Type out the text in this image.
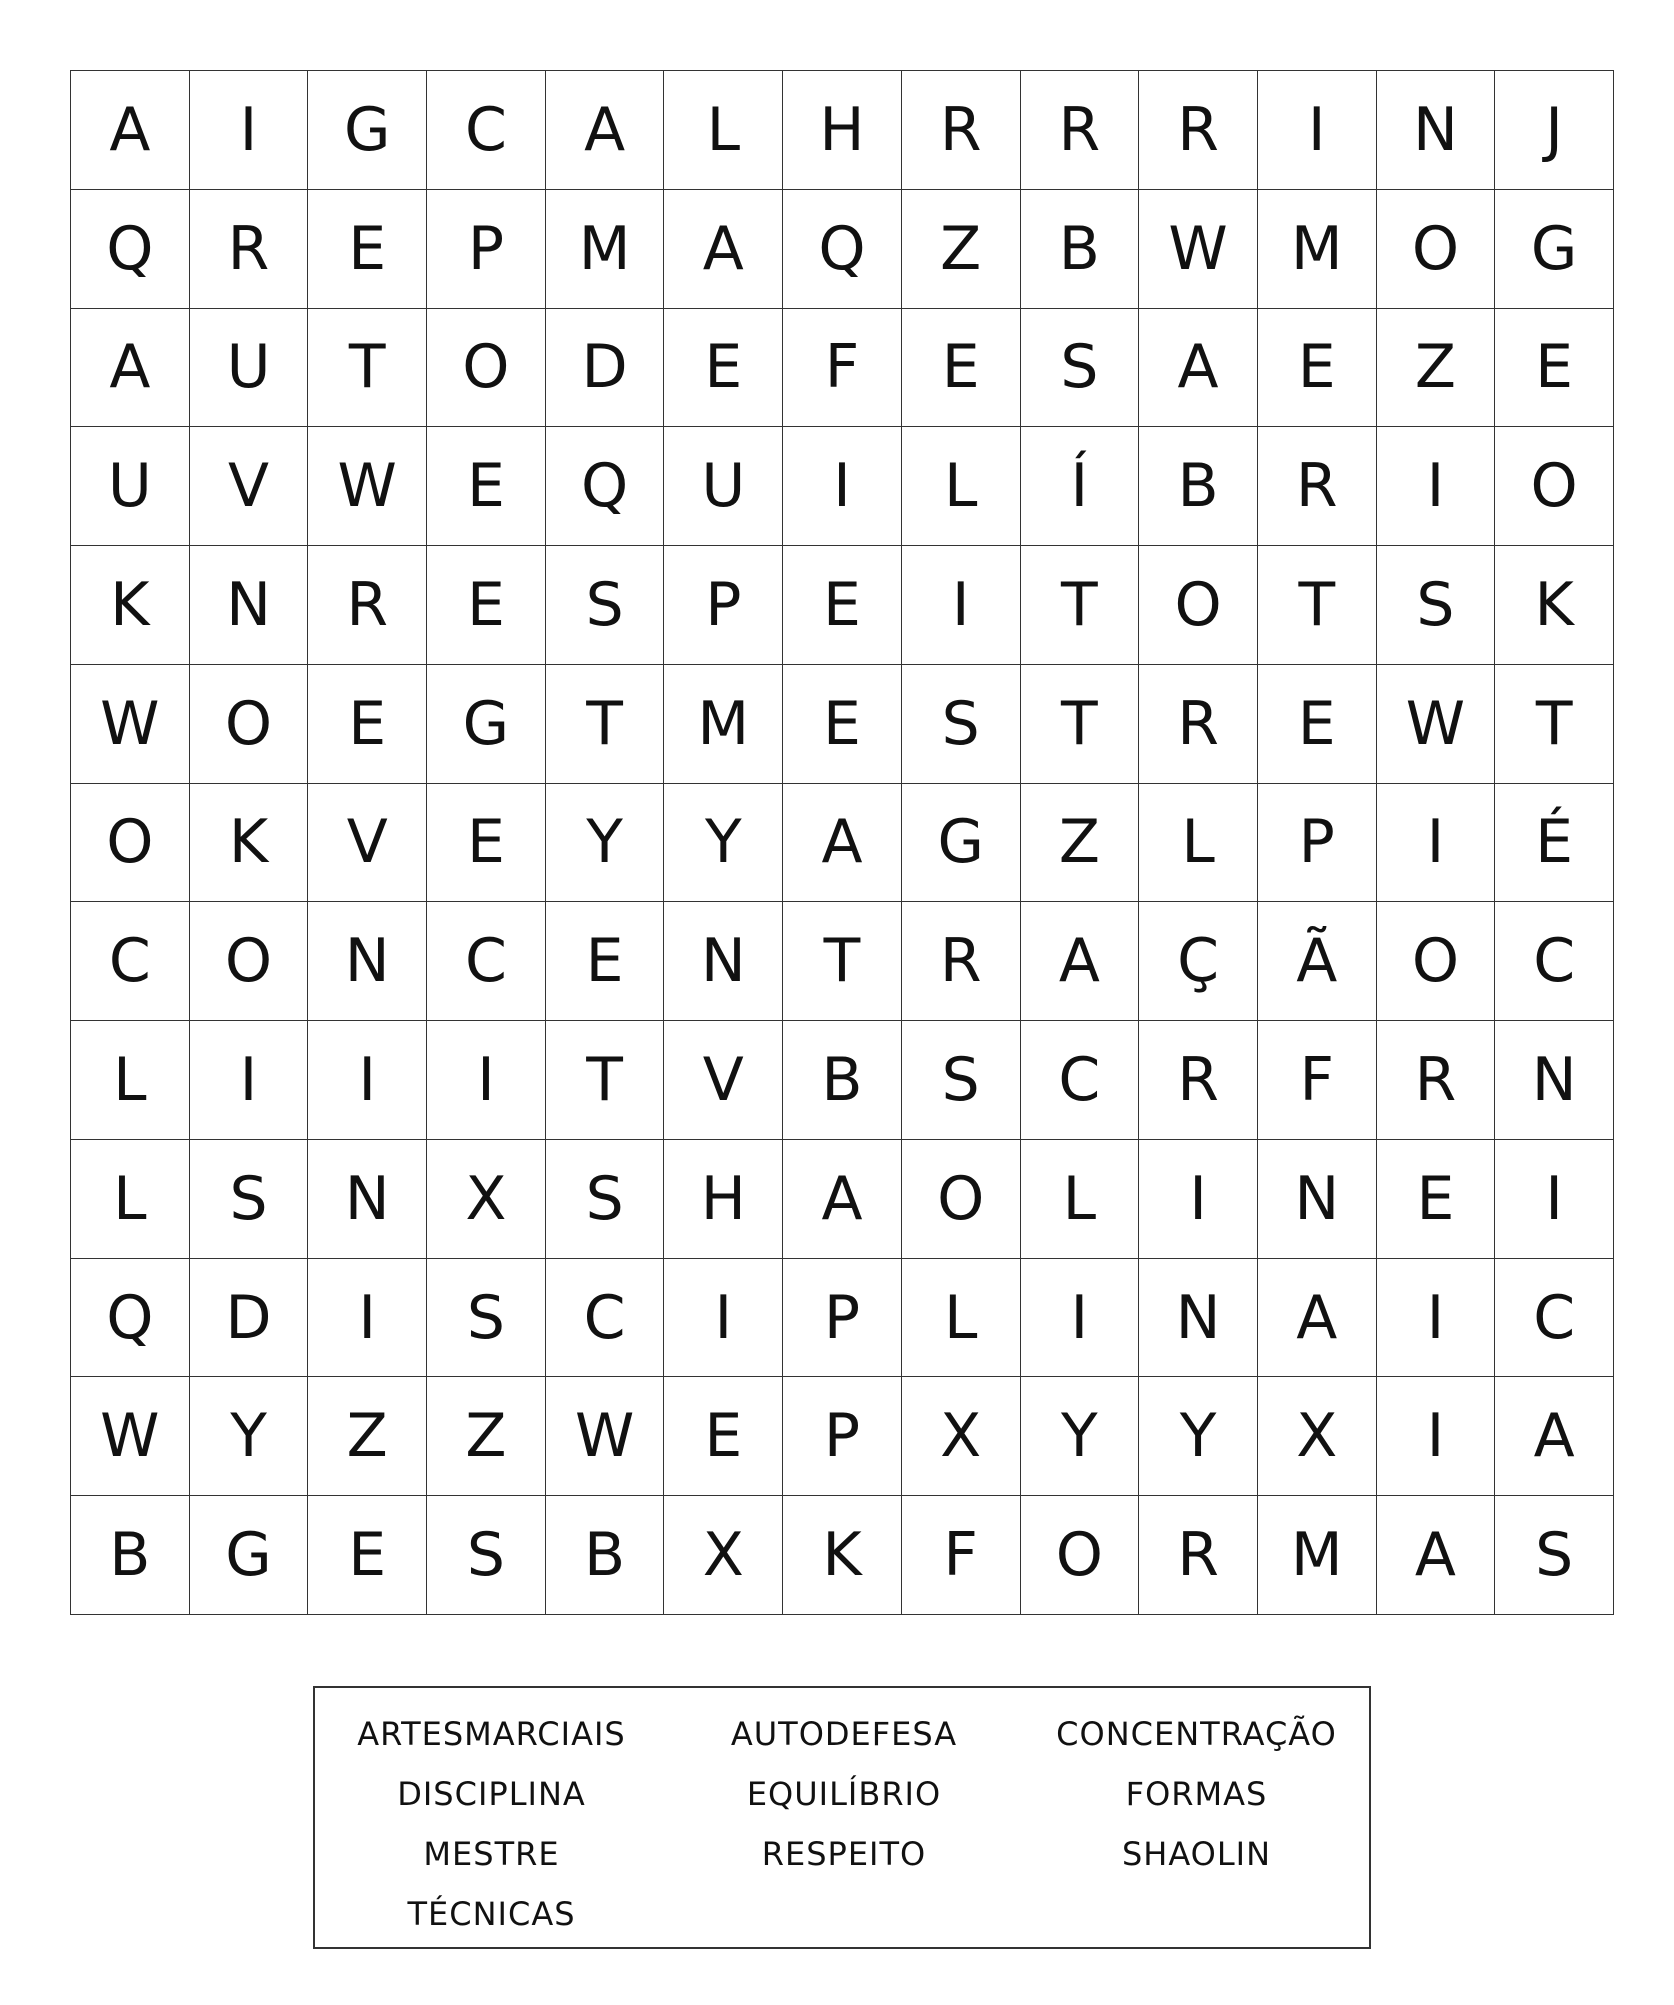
A	I	G	C	A	L	H	R	R	R	I	N	J
Q	R	E	P	M	A	Q	Z	B	W	M	O	G
A	U	T	O	D	E	F	E	S	A	E	Z	E
U	V	W	E	Q	U	I	L	Í	B	R	I	O
K	N	R	E	S	P	E	I	T	O	T	S	K
W	O	E	G	T	M	E	S	T	R	E	W	T
O	K	V	E	Y	Y	A	G	Z	L	P	I	É
C	O	N	C	E	N	T	R	A	Ç	Ã	O	C
L	I	I	I	T	V	B	S	C	R	F	R	N
L	S	N	X	S	H	A	O	L	I	N	E	I
Q	D	I	S	C	I	P	L	I	N	A	I	C
W	Y	Z	Z	W	E	P	X	Y	Y	X	I	A
B	G	E	S	B	X	K	F	O	R	M	A	S
ARTESMARCIAIS	AUTODEFESA	CONCENTRAÇÃO
DISCIPLINA	EQUILÍBRIO	FORMAS
MESTRE	RESPEITO	SHAOLIN
TÉCNICAS
